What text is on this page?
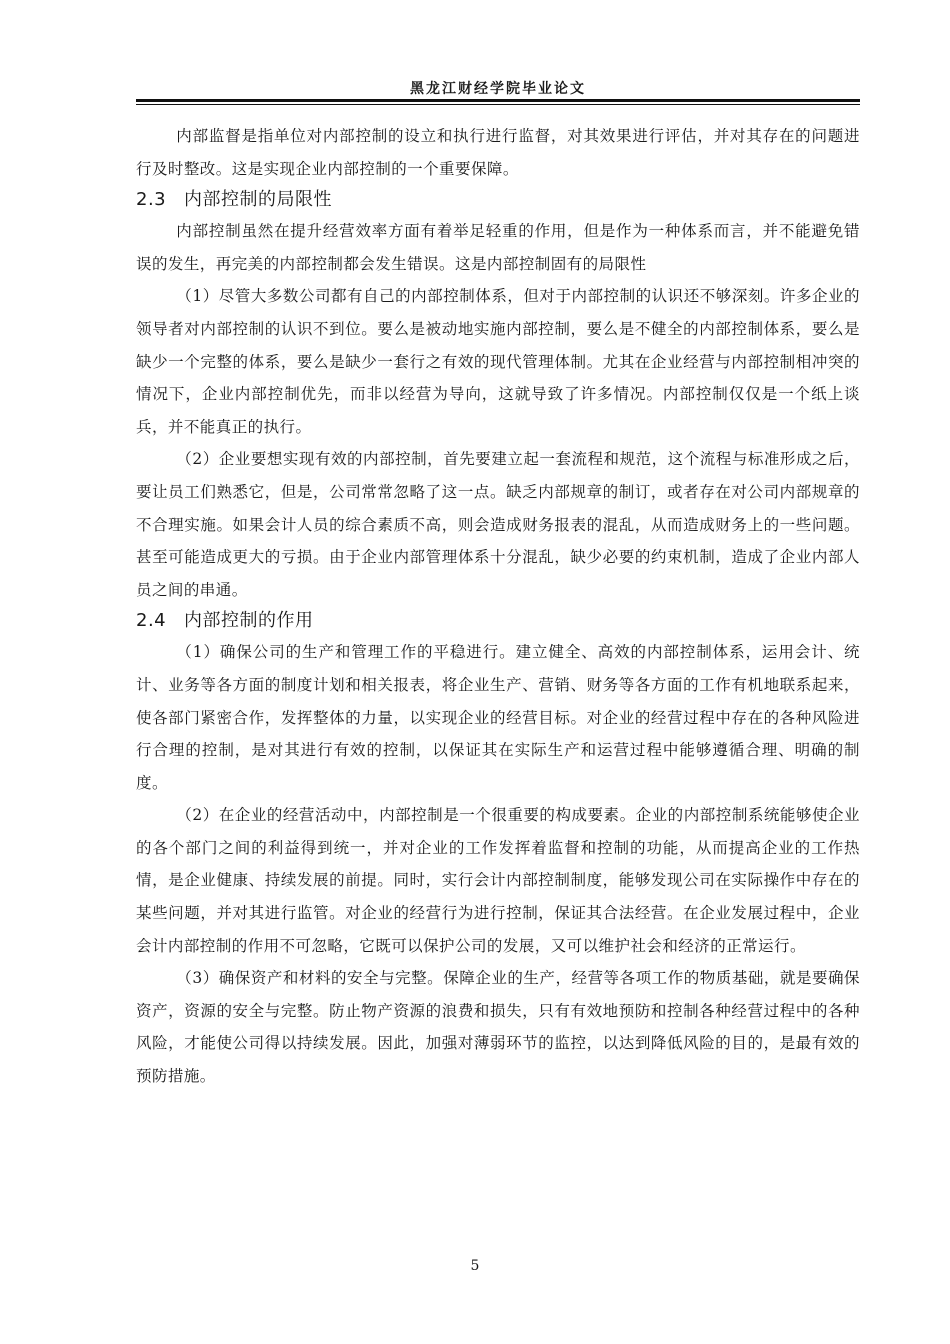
黑龙江财经学院毕业论文

内部监督是指单位对内部控制的设立和执行进行监督，对其效果进行评估，并对其存在的问题进行及时整改。这是实现企业内部控制的一个重要保障。

2.3 内部控制的局限性

内部控制虽然在提升经营效率方面有着举足轻重的作用，但是作为一种体系而言，并不能避免错误的发生，再完美的内部控制都会发生错误。这是内部控制固有的局限性

（1）尽管大多数公司都有自己的内部控制体系，但对于内部控制的认识还不够深刻。许多企业的领导者对内部控制的认识不到位。要么是被动地实施内部控制，要么是不健全的内部控制体系，要么是缺少一个完整的体系，要么是缺少一套行之有效的现代管理体制。尤其在企业经营与内部控制相冲突的情况下，企业内部控制优先，而非以经营为导向，这就导致了许多情况。内部控制仅仅是一个纸上谈兵，并不能真正的执行。

（2）企业要想实现有效的内部控制，首先要建立起一套流程和规范，这个流程与标准形成之后，要让员工们熟悉它，但是，公司常常忽略了这一点。缺乏内部规章的制订，或者存在对公司内部规章的不合理实施。如果会计人员的综合素质不高，则会造成财务报表的混乱，从而造成财务上的一些问题。甚至可能造成更大的亏损。由于企业内部管理体系十分混乱，缺少必要的约束机制，造成了企业内部人员之间的串通。

2.4 内部控制的作用

（1）确保公司的生产和管理工作的平稳进行。建立健全、高效的内部控制体系，运用会计、统计、业务等各方面的制度计划和相关报表，将企业生产、营销、财务等各方面的工作有机地联系起来，使各部门紧密合作，发挥整体的力量，以实现企业的经营目标。对企业的经营过程中存在的各种风险进行合理的控制，是对其进行有效的控制，以保证其在实际生产和运营过程中能够遵循合理、明确的制度。

（2）在企业的经营活动中，内部控制是一个很重要的构成要素。企业的内部控制系统能够使企业的各个部门之间的利益得到统一，并对企业的工作发挥着监督和控制的功能，从而提高企业的工作热情，是企业健康、持续发展的前提。同时，实行会计内部控制制度，能够发现公司在实际操作中存在的某些问题，并对其进行监管。对企业的经营行为进行控制，保证其合法经营。在企业发展过程中，企业会计内部控制的作用不可忽略，它既可以保护公司的发展，又可以维护社会和经济的正常运行。

（3）确保资产和材料的安全与完整。保障企业的生产，经营等各项工作的物质基础，就是要确保资产，资源的安全与完整。防止物产资源的浪费和损失，只有有效地预防和控制各种经营过程中的各种风险，才能使公司得以持续发展。因此，加强对薄弱环节的监控，以达到降低风险的目的，是最有效的预防措施。

5
